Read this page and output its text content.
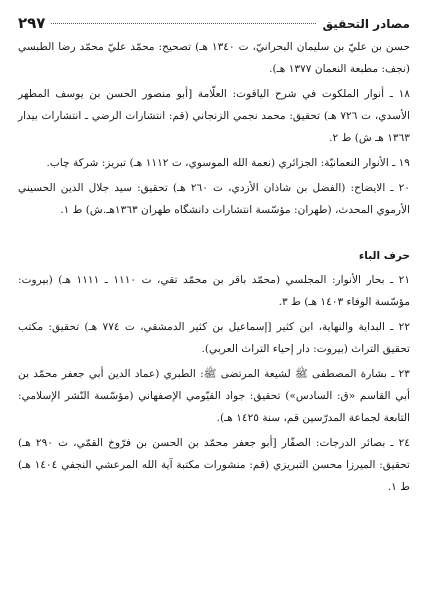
مصادر التحقيق
٢٩٧

حسن بن عليّ بن سليمان البحرانيّ، ت ١٣٤٠ هـ) تصحيح: محمّد عليّ محمّد رضا الطبسي (نجف: مطبعة النعمان ١٣٧٧ هـ).

١٨ ـ أنوار الملكوت في شرح الياقوت: العلّامة [أبو منصور الحسن بن يوسف المطهر الأسدي، ت ٧٢٦ هـ) تحقيق: محمد نجمي الزنجاني (قم: انتشارات الرضي ـ انتشارات بيدار ١٣٦٣ هـ ش) ط ٢.

١٩ ـ الأنوار النعمانيّة: الجزائري (نعمة الله الموسوي، ت ١١١٢ هـ) تبريز: شركة چاب.

٢٠ ـ الايضاح: (الفضل بن شاذان الأزدي، ت ٢٦٠ هـ) تحقيق: سيد جلال الدين الحسيني الأرموي المحدث، (طهران: مؤسّسة انتشارات دانشگاه طهران ١٣٦٣هـ.ش) ط ١.

حرف الباء

٢١ ـ بحار الأنوار: المجلسي (محمّد باقر بن محمّد تقي، ت ١١١٠ ـ ١١١١ هـ) (بيروت: مؤسّسة الوفاء ١٤٠٣ هـ) ط ٣.

٢٢ ـ البداية والنهاية، ابن كثير [إسماعيل بن كثير الدمشقي، ت ٧٧٤ هـ) تحقيق: مكتب تحقيق التراث (بيروت: دار إحياء التراث العربي).

٢٣ ـ بشارة المصطفى ﷺ لشيعة المرتضى ﷺ: الطبري (عماد الدين أبي جعفر محمّد بن أبي القاسم «ق: السادس») تحقيق: جواد القيّومي الإصفهاني (مؤسّسة النّشر الإسلامي: التابعة لجماعة المدرّسين قم، سنة ١٤٢٥ هـ).

٢٤ ـ بصائر الدرجات: الصفّار [أبو جعفر محمّد بن الحسن بن فرّوخ القمّي، ت ٢٩٠ هـ) تحقيق: الميرزا محسن التبريزي (قم: منشورات مكتبة آية الله المرعشي النجفي ١٤٠٤ هـ) ط ١.
